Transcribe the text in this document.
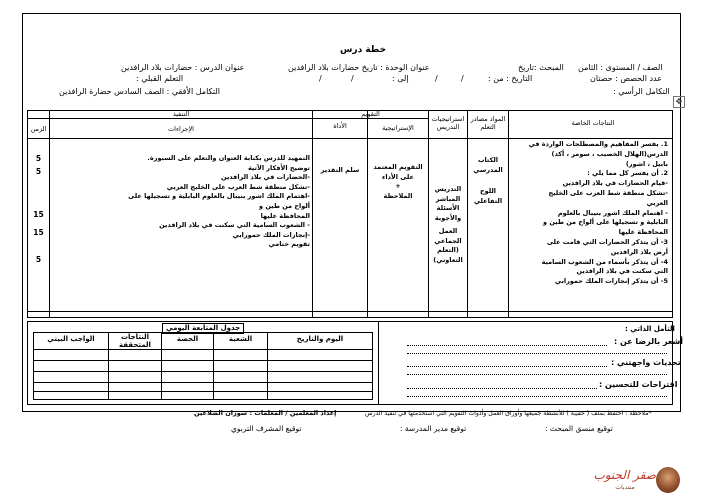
✥
خطة درس
الصف / المستوى : الثامن
المبحث :تاريخ
عنوان الوحدة : تاريخ حضارات بلاد الرافدين
عنوان الدرس : حضارات بلاد الرافدين
عدد الحصص : حصتان
التاريخ : من :
/
/
إلى :
/
/
التعلم القبلي :
التكامل الرأسي :
التكامل الأفقي : الصف السادس حضارة الرافدين
النتاجات الخاصة
المواد مصادر التعلم
استراتيجيات التدريس
التقويم
الإستراتيجية
الأداة
التنفيذ
الإجراءات
الزمن
1. يفسر المفاهيم والمصطلحات الواردة في
الدرس(الهلال الخصيب ، سومر ، أكد)
بابيل ، اشور)
2. أن يفسر كل مما يلي :
-قيام الحضارات في بلاد الرافدين
-تشكل منطقة شط العرب على الخليج
العربي
- اهتمام الملك اشور بنيبال بالعلوم
البابلية و تسجيلها على ألواح من طين و
المحافظة عليها
3- أن يتذكر الحضارات التي قامت على
أرض بلاد الرافدين
4- أن يتذكر بأسماء من الشعوب السامية
التي سكنت في بلاد الرافدين
5- أن يتذكر إنجازات الملك حمورابي
الكتاب المدرسي
اللوح التفاعلي
التدريس المباشر
الأسئلة والأجوبة
العمل الجماعي
(التعلم التعاوني)
التقويم المعتمد
على الأداء
+
الملاحظة
سلم التقدير
التمهيد للدرس بكتابة العنوان والتعلم على السبورة.
توضيح الأفكار الآتية
-الحضارات في بلاد الرافدين
-تشكل منطقة شط العرب على الخليج العربي
-اهتمام الملك اشور بنيبال بالعلوم البابلية و تسجيلها على ألواح من طين و
المحافظة عليها
- الشعوب السامية التي سكنت في بلاد الرافدين
-إنجازات الملك حمورابي
تقويم ختامي
5
5
15
15
5
التأمل الذاتي :
أشعر بالرضا عن :
تحديات واجهتني :
اقتراحات للتحسين :
جدول المتابعة اليومي
اليوم والتاريخ
الشعبة
الحصة
النتاجات المتحققة
الواجب البيتي
*ملاحظة : احتفظ بملف ( حقيبة ) للأنشطة جميعها وأوراق العمل وأدوات التقويم التي استخدمتها في تنفيذ الدرس
إعداد المعلمين / المعلمات : سوزان الضلاعين
توقيع منسق المبحث :
توقيع مدير المدرسة :
توقيع المشرف التربوي
صقر الجنوب
منتديات
